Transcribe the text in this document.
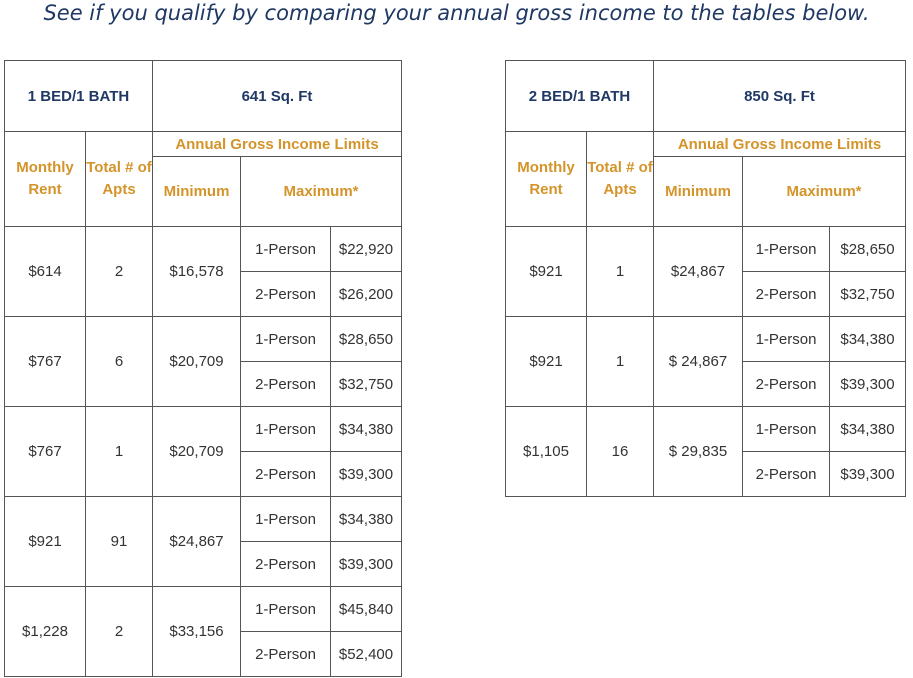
See if you qualify by comparing your annual gross income to the tables below.
1 BED/1 BATH		641 Sq. Ft		
Monthly Rent	Total # of Apts	Annual Gross Income Limits		
		Minimum	Maximum*	
$614	2	$16,578	1-Person	$22,920
			2-Person	$26,200
$767	6	$20,709	1-Person	$28,650
			2-Person	$32,750
$767	1	$20,709	1-Person	$34,380
			2-Person	$39,300
$921	91	$24,867	1-Person	$34,380
			2-Person	$39,300
$1,228	2	$33,156	1-Person	$45,840
			2-Person	$52,400
2 BED/1 BATH		850 Sq. Ft		
Monthly Rent	Total # of Apts	Annual Gross Income Limits		
		Minimum	Maximum*	
$921	1	$24,867	1-Person	$28,650
			2-Person	$32,750
$921	1	$ 24,867	1-Person	$34,380
			2-Person	$39,300
$1,105	16	$ 29,835	1-Person	$34,380
			2-Person	$39,300
